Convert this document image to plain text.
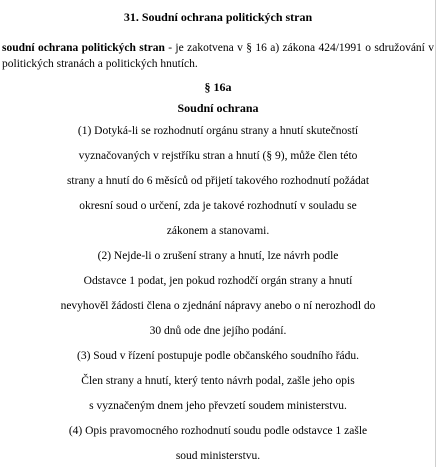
31. Soudní ochrana politických stran
soudní ochrana politických stran - je zakotvena v § 16 a) zákona 424/1991 o sdružování v politických stranách a politických hnutích.
§ 16a
Soudní ochrana
(1) Dotyká-li se rozhodnutí orgánu strany a hnutí skutečností
vyznačovaných v rejstříku stran a hnutí (§ 9), může člen této
strany a hnutí do 6 měsíců od přijetí takového rozhodnutí požádat
okresní soud o určení, zda je takové rozhodnutí v souladu se
zákonem a stanovami.
(2) Nejde-li o zrušení strany a hnutí, lze návrh podle
Odstavce 1 podat, jen pokud rozhodčí orgán strany a hnutí
nevyhověl žádosti člena o zjednání nápravy anebo o ní nerozhodl do
30 dnů ode dne jejího podání.
(3) Soud v řízení postupuje podle občanského soudního řádu.
Člen strany a hnutí, který tento návrh podal, zašle jeho opis
s vyznačeným dnem jeho převzetí soudem ministerstvu.
(4) Opis pravomocného rozhodnutí soudu podle odstavce 1 zašle
soud ministerstvu.
